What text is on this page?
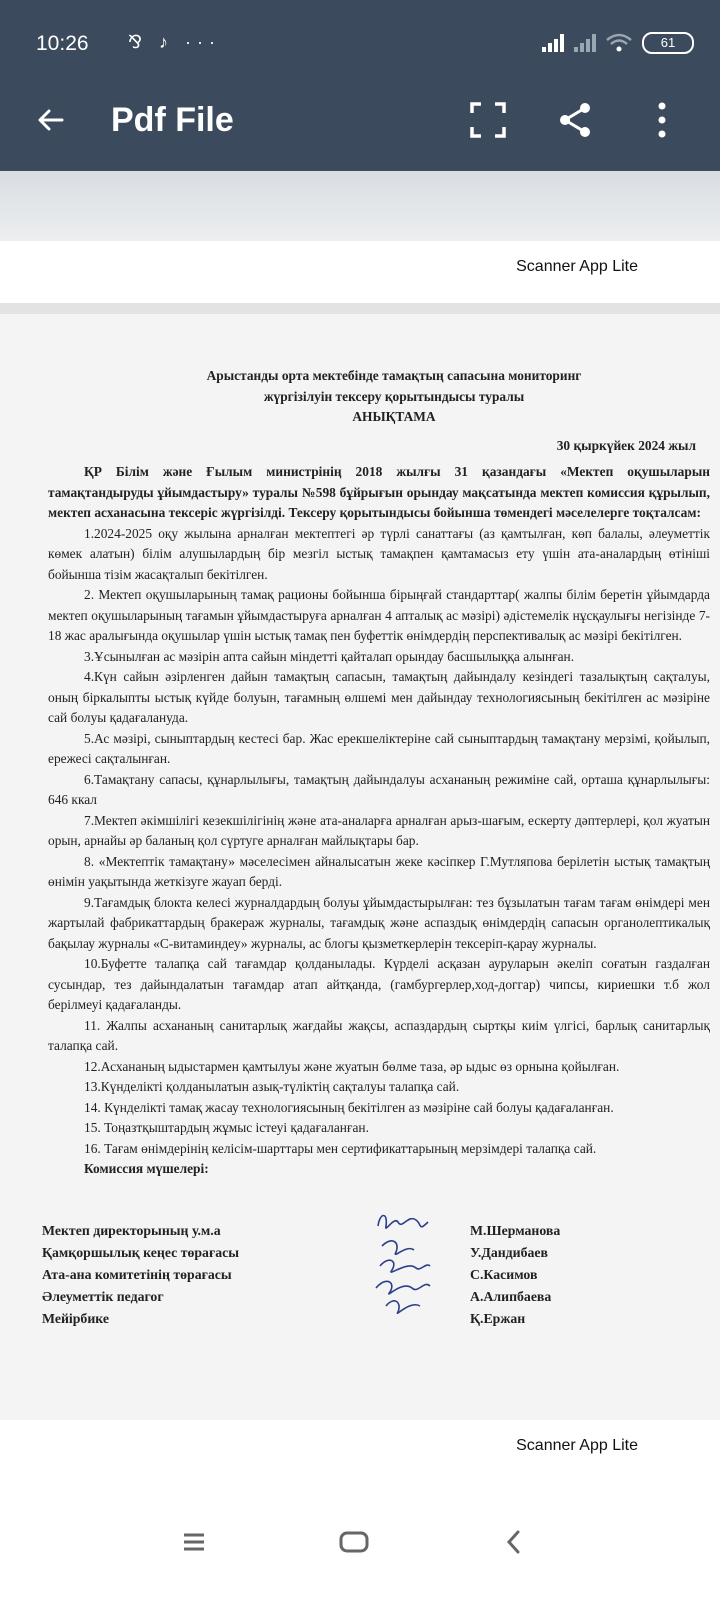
10:26 ⅋ ♪ ···	61
Pdf File
Scanner App Lite
Арыстанды орта мектебінде тамақтың сапасына мониторинг
жүргізілуін тексеру қорытындысы туралы
АНЫҚТАМА
30 қыркүйек 2024 жыл

ҚР Білім және Ғылым министрінің 2018 жылғы 31 қазандағы «Мектеп оқушыларын тамақтандыруды ұйымдастыру» туралы №598 бұйрығын орындау мақсатында мектеп комиссия құрылып, мектеп асханасына тексеріс жүргізілді. Тексеру қорытындысы бойынша төмендегі мәселелерге тоқталсам:

1.2024-2025 оқу жылына арналған мектептегі әр түрлі санаттағы (аз қамтылған, көп балалы, әлеуметтік көмек алатын) білім алушылардың бір мезгіл ыстық тамақпен қамтамасыз ету үшін ата-аналардың өтініші бойынша тізім жасақталып бекітілген.

2. Мектеп оқушыларының тамақ рационы бойынша бірыңғай стандарттар( жалпы білім беретін ұйымдарда мектеп оқушыларының тағамын ұйымдастыруға арналған 4 апталық ас мәзірі) әдістемелік нұсқаулығы негізінде 7-18 жас аралығында оқушылар үшін ыстық тамақ пен буфеттік өнімдердің перспективалық ас мәзірі бекітілген.

3.Ұсынылған ас мәзірін апта сайын міндетті қайталап орындау басшылыққа алынған.

4.Күн сайын әзірленген дайын тамақтың сапасын, тамақтың дайындалу кезіндегі тазалықтың сақталуы, оның біркалыпты ыстық күйде болуын, тағамның өлшемі мен дайындау технологиясының бекітілген ас мәзіріне сай болуы қадағалануда.

5.Ас мәзірі, сыныптардың кестесі бар. Жас ерекшеліктеріне сай сыныптардың тамақтану мерзімі, қойылып, ережесі сақталынған.

6.Тамақтану сапасы, құнарлылығы, тамақтың дайындалуы асхананың режиміне сай, орташа құнарлылығы: 646 ккал

7.Мектеп әкімшілігі кезекшілігінің және ата-аналарға арналған арыз-шағым, ескерту дәптерлері, қол жуатын орын, арнайы әр баланың қол сүртуге арналған майлықтары бар.

8. «Мектептік тамақтану» мәселесімен айналысатын жеке кәсіпкер Г.Мутляпова берілетін ыстық тамақтың өнімін уақытында жеткізуге жауап берді.

9.Тағамдық блокта келесі журналдардың болуы ұйымдастырылған: тез бұзылатын тағам тағам өнімдері мен жартылай фабрикаттардың бракераж журналы, тағамдық және аспаздық өнімдердің сапасын органолептикалық бақылау журналы «С-витаминдеу» журналы, ас блогы қызметкерлерін тексеріп-қарау журналы.

10.Буфетте талапқа сай тағамдар қолданылады. Күрделі асқазан ауруларын әкеліп соғатын газдалған сусындар, тез дайындалатын тағамдар атап айтқанда, (гамбургерлер,ход-доггар) чипсы, кириешки т.б жол берілмеуі қадағаланды.

11. Жалпы асхананың санитарлық жағдайы жақсы, аспаздардың сыртқы киім үлгісі, барлық санитарлық талапқа сай.

12.Асхананың ыдыстармен қамтылуы және жуатын бөлме таза, әр ыдыс өз орнына қойылған.

13.Күнделікті қолданылатын азық-түліктің сақталуы талапқа сай.

14. Күнделікті тамақ жасау технологиясының бекітілген аз мәзіріне сай болуы қадағаланған.

15. Тоңазтқыштардың жұмыс істеуі қадағаланған.

16. Тағам өнімдерінің келісім-шарттары мен сертификаттарының мерзімдері талапқа сай.

Комиссия мүшелері:
Мектеп директорының у.м.а
Қамқоршылық кеңес төрағасы
Ата-ана комитетінің төрағасы
Әлеуметтік педагог
Мейірбике
М.Шерманова
У.Дандибаев
С.Касимов
А.Алипбаева
Қ.Ержан
Scanner App Lite
